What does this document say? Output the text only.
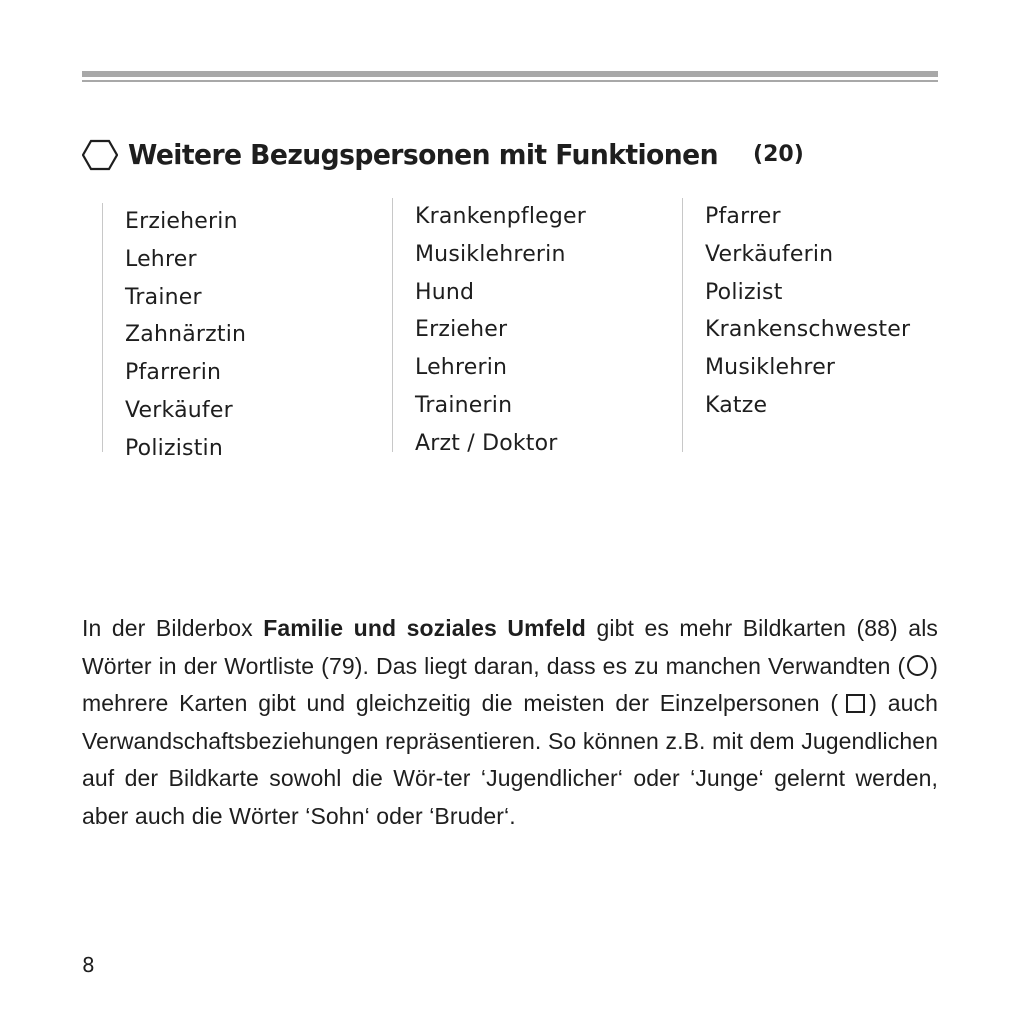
Weitere Bezugspersonen mit Funktionen (20)
Erzieherin
Lehrer
Trainer
Zahnärztin
Pfarrerin
Verkäufer
Polizistin
Krankenpfleger
Musiklehrerin
Hund
Erzieher
Lehrerin
Trainerin
Arzt / Doktor
Pfarrer
Verkäuferin
Polizist
Krankenschwester
Musiklehrer
Katze

In der Bilderbox Familie und soziales Umfeld gibt es mehr Bildkarten (88) als Wörter in der Wortliste (79). Das liegt daran, dass es zu manchen Verwandten ( ) mehrere Karten gibt und gleichzeitig die meisten der Einzelpersonen ( ) auch Verwandschaftsbeziehungen repräsentieren. So können z.B. mit dem Jugendlichen auf der Bildkarte sowohl die Wör-ter ‘Jugendlicher‘ oder ‘Junge‘ gelernt werden, aber auch die Wörter ‘Sohn‘ oder ‘Bruder‘.

8
